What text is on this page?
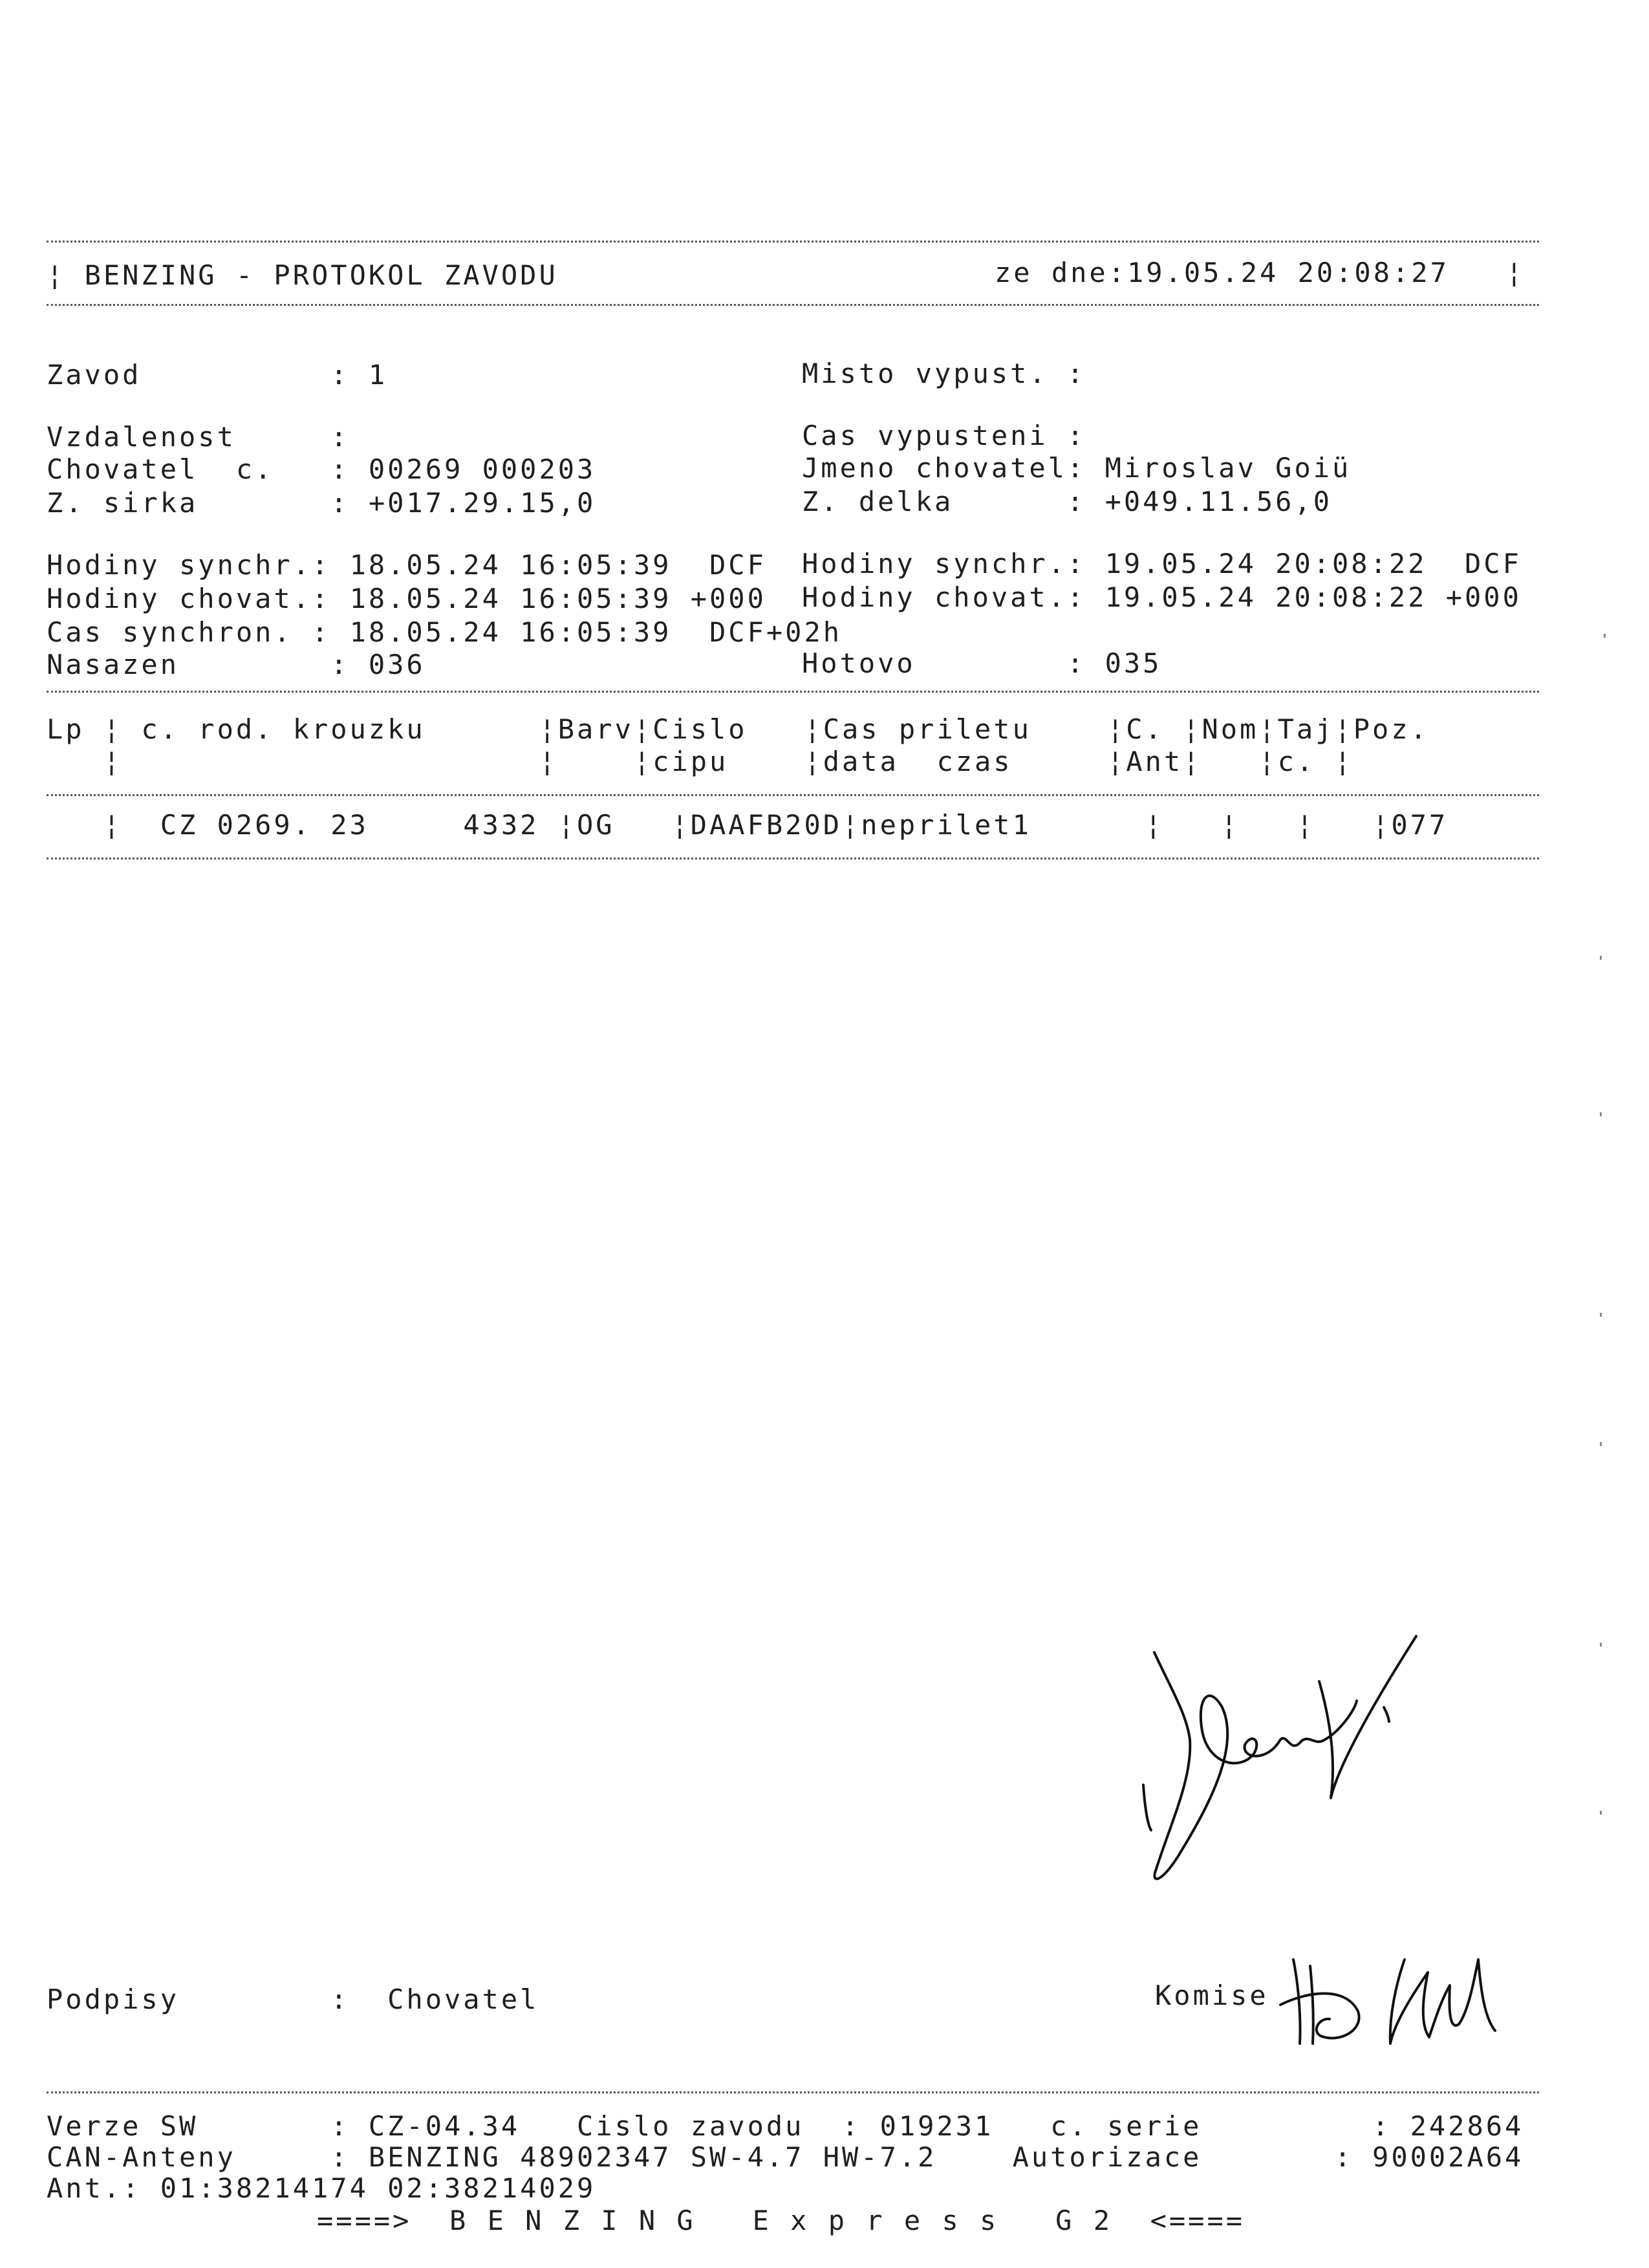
¦ BENZING - PROTOKOL ZAVODU	ze dne:19.05.24 20:08:27   ¦
Zavod          : 1	Misto vypust. :
Vzdalenost     :	Cas vypusteni :
Chovatel  c.   : 00269 000203	Jmeno chovatel: Miroslav Goiü
Z. sirka       : +017.29.15,0	Z. delka      : +049.11.56,0
Hodiny synchr.: 18.05.24 16:05:39  DCF Hodiny synchr.: 19.05.24 20:08:22  DCF
Hodiny chovat.: 18.05.24 16:05:39 +000 Hodiny chovat.: 19.05.24 20:08:22 +000
Cas synchron. : 18.05.24 16:05:39  DCF+02h
Nasazen        : 036	Hotovo        : 035
Lp ¦ c. rod. krouzku      ¦Barv¦Cislo   ¦Cas priletu    ¦C. ¦Nom¦Taj¦Poz.
¦                      ¦    ¦cipu    ¦data  czas     ¦Ant¦   ¦c. ¦
¦  CZ 0269. 23     4332 ¦OG   ¦DAAFB20D¦neprilet1      ¦   ¦   ¦   ¦077
Podpisy        :  Chovatel	Komise
Verze SW       : CZ-04.34   Cislo zavodu  : 019231   c. serie         : 242864
CAN-Anteny     : BENZING 48902347 SW-4.7 HW-7.2    Autorizace       : 90002A64
Ant.: 01:38214174 02:38214029
====>  B E N Z I N G   E x p r e s s   G 2  <====
